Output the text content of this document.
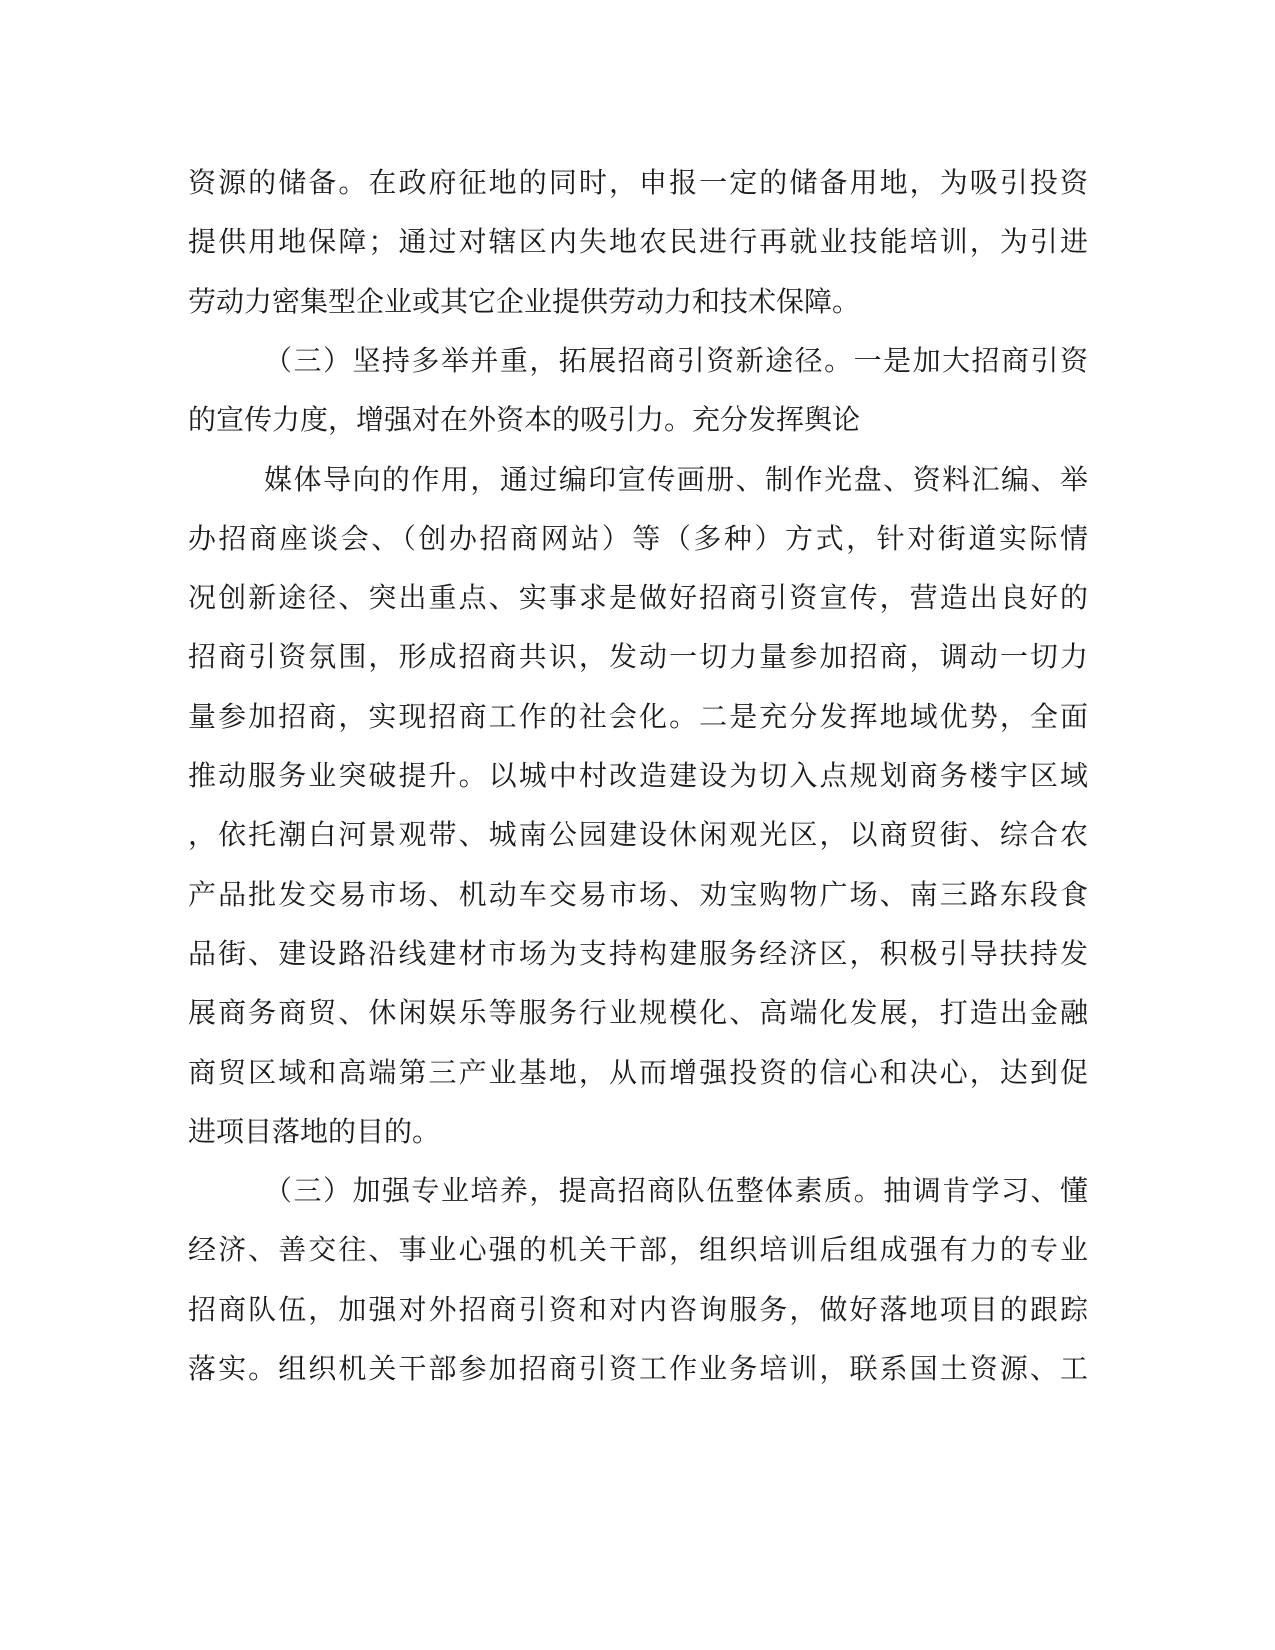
资源的储备。在政府征地的同时，申报一定的储备用地，为吸引投资
提供用地保障；通过对辖区内失地农民进行再就业技能培训，为引进
劳动力密集型企业或其它企业提供劳动力和技术保障。
（三）坚持多举并重，拓展招商引资新途径。一是加大招商引资
的宣传力度，增强对在外资本的吸引力。充分发挥舆论
媒体导向的作用，通过编印宣传画册、制作光盘、资料汇编、举
办招商座谈会、（创办招商网站）等（多种）方式，针对街道实际情
况创新途径、突出重点、实事求是做好招商引资宣传，营造出良好的
招商引资氛围，形成招商共识，发动一切力量参加招商，调动一切力
量参加招商，实现招商工作的社会化。二是充分发挥地域优势，全面
推动服务业突破提升。以城中村改造建设为切入点规划商务楼宇区域
，依托潮白河景观带、城南公园建设休闲观光区，以商贸街、综合农
产品批发交易市场、机动车交易市场、劝宝购物广场、南三路东段食
品街、建设路沿线建材市场为支持构建服务经济区，积极引导扶持发
展商务商贸、休闲娱乐等服务行业规模化、高端化发展，打造出金融
商贸区域和高端第三产业基地，从而增强投资的信心和决心，达到促
进项目落地的目的。
（三）加强专业培养，提高招商队伍整体素质。抽调肯学习、懂
经济、善交往、事业心强的机关干部，组织培训后组成强有力的专业
招商队伍，加强对外招商引资和对内咨询服务，做好落地项目的跟踪
落实。组织机关干部参加招商引资工作业务培训，联系国土资源、工
